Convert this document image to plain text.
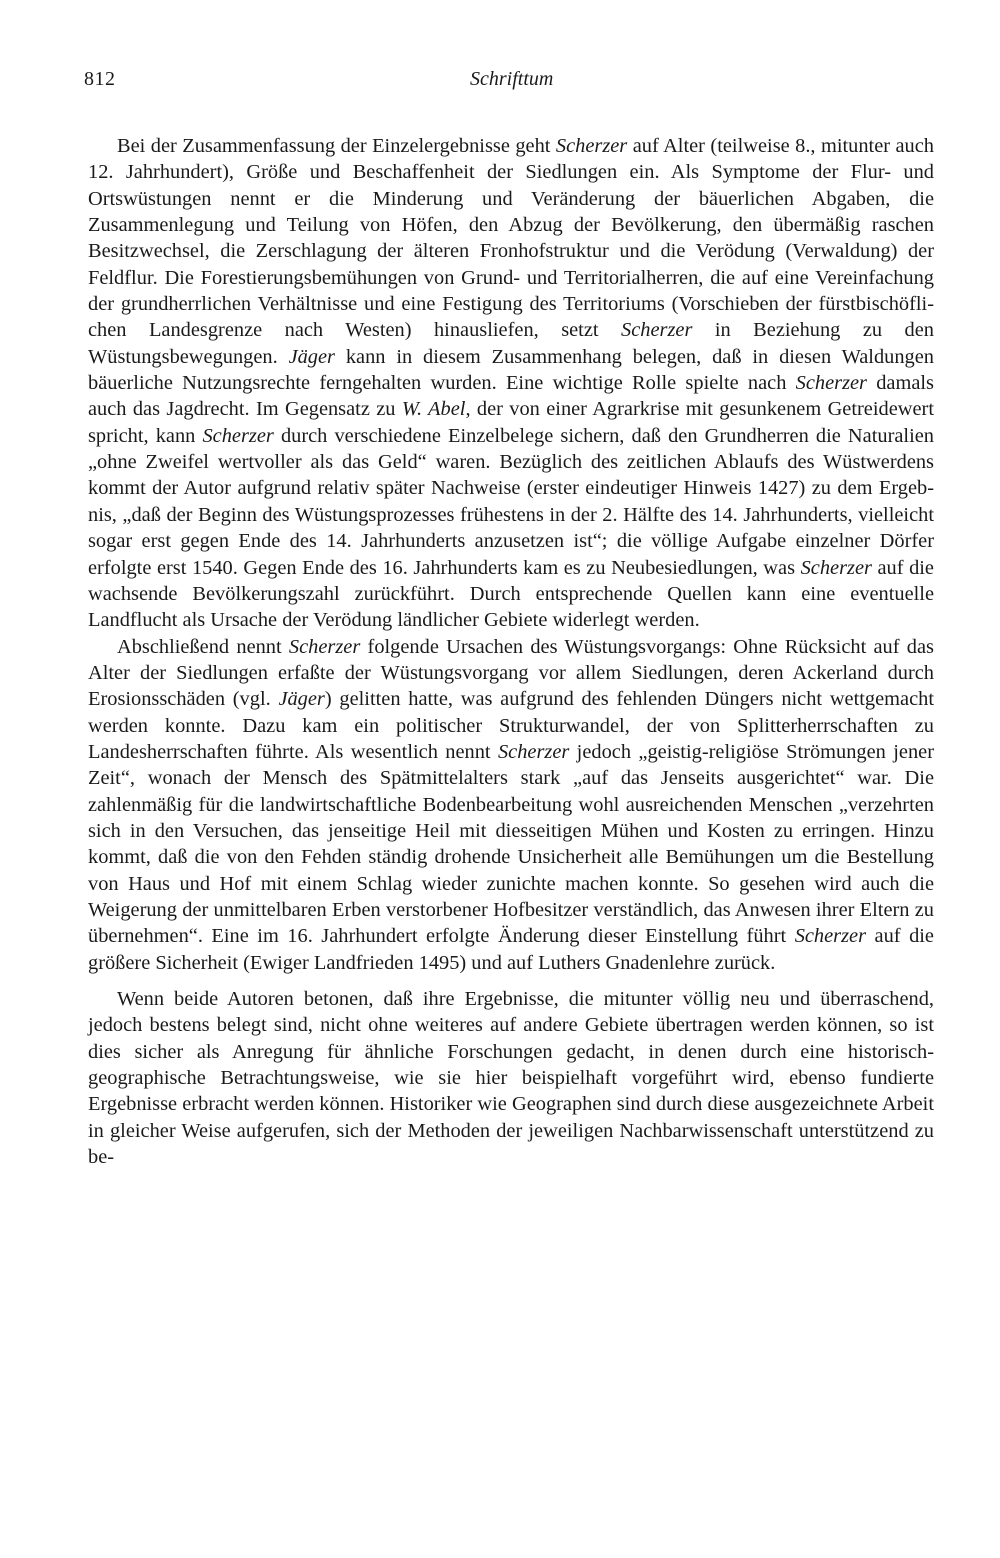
812	Schrifttum

Bei der Zusammenfassung der Einzelergebnisse geht Scherzer auf Alter (teilweise 8., mitunter auch 12. Jahrhundert), Größe und Beschaffenheit der Siedlungen ein. Als Symptome der Flur- und Ortswüstungen nennt er die Minderung und Veränderung der bäuerlichen Abgaben, die Zusammenlegung und Teilung von Höfen, den Abzug der Bevölkerung, den übermäßig raschen Besitzwechsel, die Zerschlagung der älteren Fronhofstruktur und die Verödung (Verwaldung) der Feldflur. Die Forestierungsbemühungen von Grund- und Territorialherren, die auf eine Vereinfachung der grundherrlichen Verhältnisse und eine Festigung des Territoriums (Vorschieben der fürstbischöflichen Landesgrenze nach Westen) hinausliefen, setzt Scherzer in Beziehung zu den Wüstungsbewegungen. Jäger kann in diesem Zusammenhang belegen, daß in diesen Waldungen bäuerliche Nutzungsrechte ferngehalten wurden. Eine wichtige Rolle spielte nach Scherzer damals auch das Jagdrecht. Im Gegensatz zu W. Abel, der von einer Agrarkrise mit gesunkenem Getreidewert spricht, kann Scherzer durch verschiedene Einzelbelege sichern, daß den Grundherren die Naturalien „ohne Zweifel wertvoller als das Geld“ waren. Bezüglich des zeitlichen Ablaufs des Wüstwerdens kommt der Autor aufgrund relativ später Nachweise (erster eindeutiger Hinweis 1427) zu dem Ergebnis, „daß der Beginn des Wüstungsprozesses frühestens in der 2. Hälfte des 14. Jahrhunderts, vielleicht sogar erst gegen Ende des 14. Jahrhunderts anzusetzen ist“; die völlige Aufgabe einzelner Dörfer erfolgte erst 1540. Gegen Ende des 16. Jahrhunderts kam es zu Neubesiedlungen, was Scherzer auf die wachsende Bevölkerungszahl zurückführt. Durch entsprechende Quellen kann eine eventuelle Landflucht als Ursache der Verödung ländlicher Gebiete widerlegt werden.

Abschließend nennt Scherzer folgende Ursachen des Wüstungsvorgangs: Ohne Rücksicht auf das Alter der Siedlungen erfaßte der Wüstungsvorgang vor allem Siedlungen, deren Ackerland durch Erosionsschäden (vgl. Jäger) gelitten hatte, was aufgrund des fehlenden Düngers nicht wettgemacht werden konnte. Dazu kam ein politischer Strukturwandel, der von Splitterherrschaften zu Landesherrschaften führte. Als wesentlich nennt Scherzer jedoch „geistig-religiöse Strömungen jener Zeit“, wonach der Mensch des Spätmittelalters stark „auf das Jenseits ausgerichtet“ war. Die zahlenmäßig für die landwirtschaftliche Bodenbearbeitung wohl ausreichenden Menschen „verzehrten sich in den Versuchen, das jenseitige Heil mit diesseitigen Mühen und Kosten zu erringen. Hinzu kommt, daß die von den Fehden ständig drohende Unsicherheit alle Bemühungen um die Bestellung von Haus und Hof mit einem Schlag wieder zunichte machen konnte. So gesehen wird auch die Weigerung der unmittelbaren Erben verstorbener Hofbesitzer verständlich, das Anwesen ihrer Eltern zu übernehmen“. Eine im 16. Jahrhundert erfolgte Änderung dieser Einstellung führt Scherzer auf die größere Sicherheit (Ewiger Landfrieden 1495) und auf Luthers Gnadenlehre zurück.

Wenn beide Autoren betonen, daß ihre Ergebnisse, die mitunter völlig neu und überraschend, jedoch bestens belegt sind, nicht ohne weiteres auf andere Gebiete übertragen werden können, so ist dies sicher als Anregung für ähnliche Forschungen gedacht, in denen durch eine historisch-geographische Betrachtungsweise, wie sie hier beispielhaft vorgeführt wird, ebenso fundierte Ergebnisse erbracht werden können. Historiker wie Geographen sind durch diese ausgezeichnete Arbeit in gleicher Weise aufgerufen, sich der Methoden der jeweiligen Nachbarwissenschaft unterstützend zu be-
